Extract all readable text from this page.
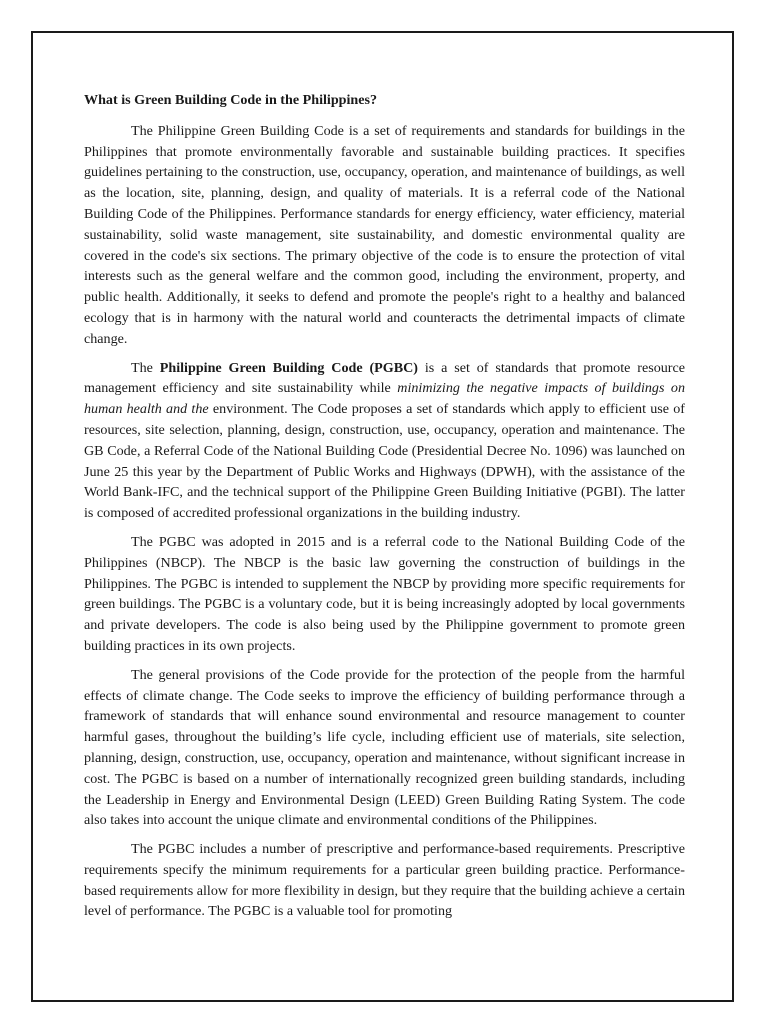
What is Green Building Code in the Philippines?

The Philippine Green Building Code is a set of requirements and standards for buildings in the Philippines that promote environmentally favorable and sustainable building practices. It specifies guidelines pertaining to the construction, use, occupancy, operation, and maintenance of buildings, as well as the location, site, planning, design, and quality of materials. It is a referral code of the National Building Code of the Philippines. Performance standards for energy efficiency, water efficiency, material sustainability, solid waste management, site sustainability, and domestic environmental quality are covered in the code's six sections. The primary objective of the code is to ensure the protection of vital interests such as the general welfare and the common good, including the environment, property, and public health. Additionally, it seeks to defend and promote the people's right to a healthy and balanced ecology that is in harmony with the natural world and counteracts the detrimental impacts of climate change.

The Philippine Green Building Code (PGBC) is a set of standards that promote resource management efficiency and site sustainability while minimizing the negative impacts of buildings on human health and the environment. The Code proposes a set of standards which apply to efficient use of resources, site selection, planning, design, construction, use, occupancy, operation and maintenance. The GB Code, a Referral Code of the National Building Code (Presidential Decree No. 1096) was launched on June 25 this year by the Department of Public Works and Highways (DPWH), with the assistance of the World Bank-IFC, and the technical support of the Philippine Green Building Initiative (PGBI). The latter is composed of accredited professional organizations in the building industry.

The PGBC was adopted in 2015 and is a referral code to the National Building Code of the Philippines (NBCP). The NBCP is the basic law governing the construction of buildings in the Philippines. The PGBC is intended to supplement the NBCP by providing more specific requirements for green buildings. The PGBC is a voluntary code, but it is being increasingly adopted by local governments and private developers. The code is also being used by the Philippine government to promote green building practices in its own projects.

The general provisions of the Code provide for the protection of the people from the harmful effects of climate change. The Code seeks to improve the efficiency of building performance through a framework of standards that will enhance sound environmental and resource management to counter harmful gases, throughout the building’s life cycle, including efficient use of materials, site selection, planning, design, construction, use, occupancy, operation and maintenance, without significant increase in cost. The PGBC is based on a number of internationally recognized green building standards, including the Leadership in Energy and Environmental Design (LEED) Green Building Rating System. The code also takes into account the unique climate and environmental conditions of the Philippines.

The PGBC includes a number of prescriptive and performance-based requirements. Prescriptive requirements specify the minimum requirements for a particular green building practice. Performance-based requirements allow for more flexibility in design, but they require that the building achieve a certain level of performance. The PGBC is a valuable tool for promoting
